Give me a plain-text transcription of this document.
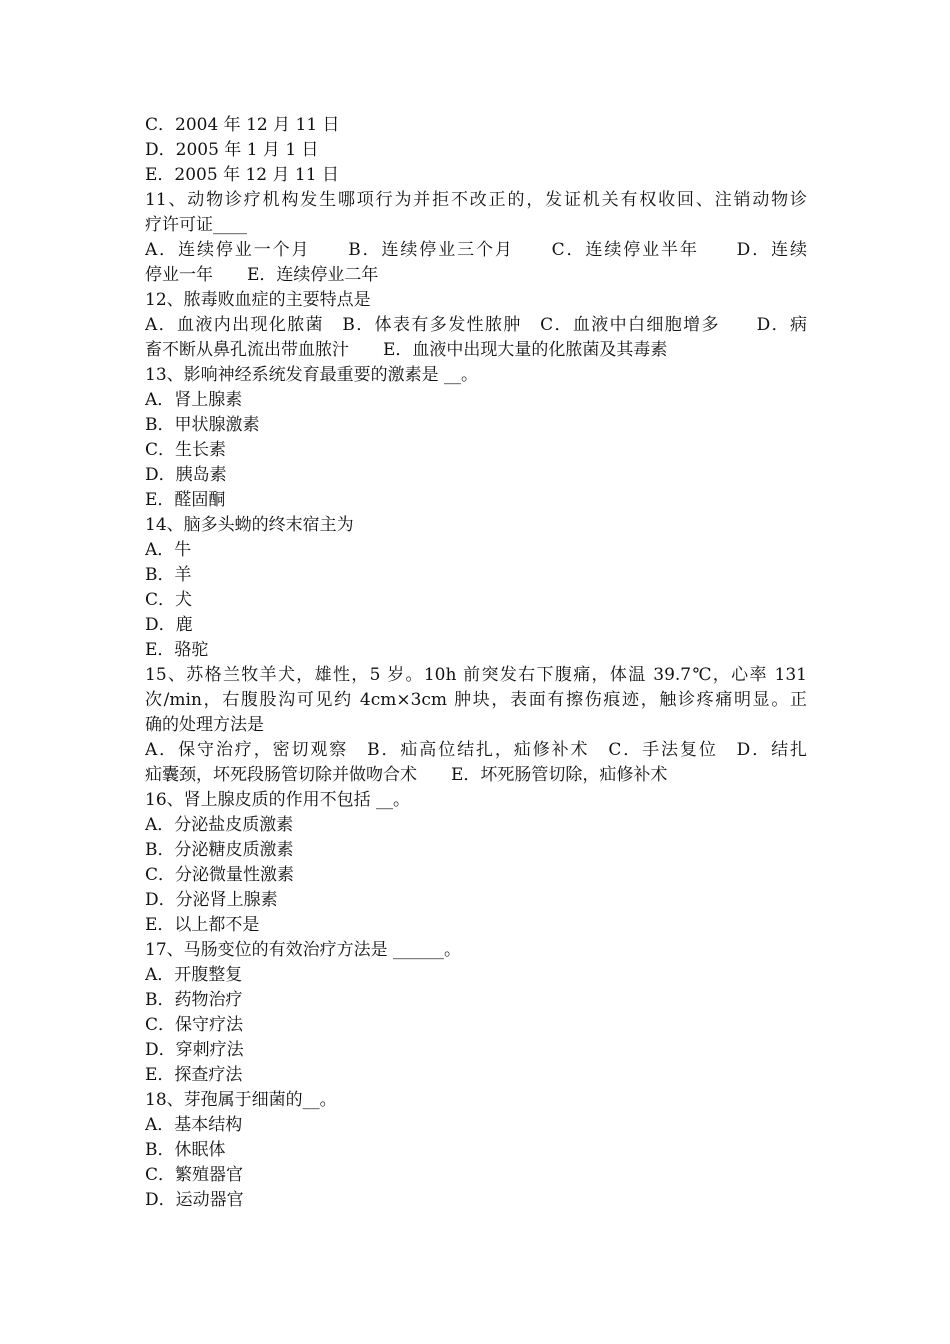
C．2004 年 12 月 11 日
D．2005 年 1 月 1 日
E．2005 年 12 月 11 日
11、动物诊疗机构发生哪项行为并拒不改正的，发证机关有权收回、注销动物诊
疗许可证____
A．连续停业一个月　　B．连续停业三个月　　C．连续停业半年　　D．连续
停业一年　　E．连续停业二年
12、脓毒败血症的主要特点是
A．血液内出现化脓菌　B．体表有多发性脓肿　C．血液中白细胞增多　　D．病
畜不断从鼻孔流出带血脓汁　　E．血液中出现大量的化脓菌及其毒素
13、影响神经系统发育最重要的激素是 __。
A．肾上腺素
B．甲状腺激素
C．生长素
D．胰岛素
E．醛固酮
14、脑多头蚴的终末宿主为
A．牛
B．羊
C．犬
D．鹿
E．骆驼
15、苏格兰牧羊犬，雄性，5 岁。10h 前突发右下腹痛，体温 39.7℃，心率 131
次/min，右腹股沟可见约 4cm×3cm 肿块，表面有擦伤痕迹，触诊疼痛明显。正
确的处理方法是
A．保守治疗，密切观察　B．疝高位结扎，疝修补术　C．手法复位　D．结扎
疝囊颈，坏死段肠管切除并做吻合术　　E．坏死肠管切除，疝修补术
16、肾上腺皮质的作用不包括 __。
A．分泌盐皮质激素
B．分泌糖皮质激素
C．分泌微量性激素
D．分泌肾上腺素
E．以上都不是
17、马肠变位的有效治疗方法是 ______。
A．开腹整复
B．药物治疗
C．保守疗法
D．穿刺疗法
E．探查疗法
18、芽孢属于细菌的__。
A．基本结构
B．休眠体
C．繁殖器官
D．运动器官
